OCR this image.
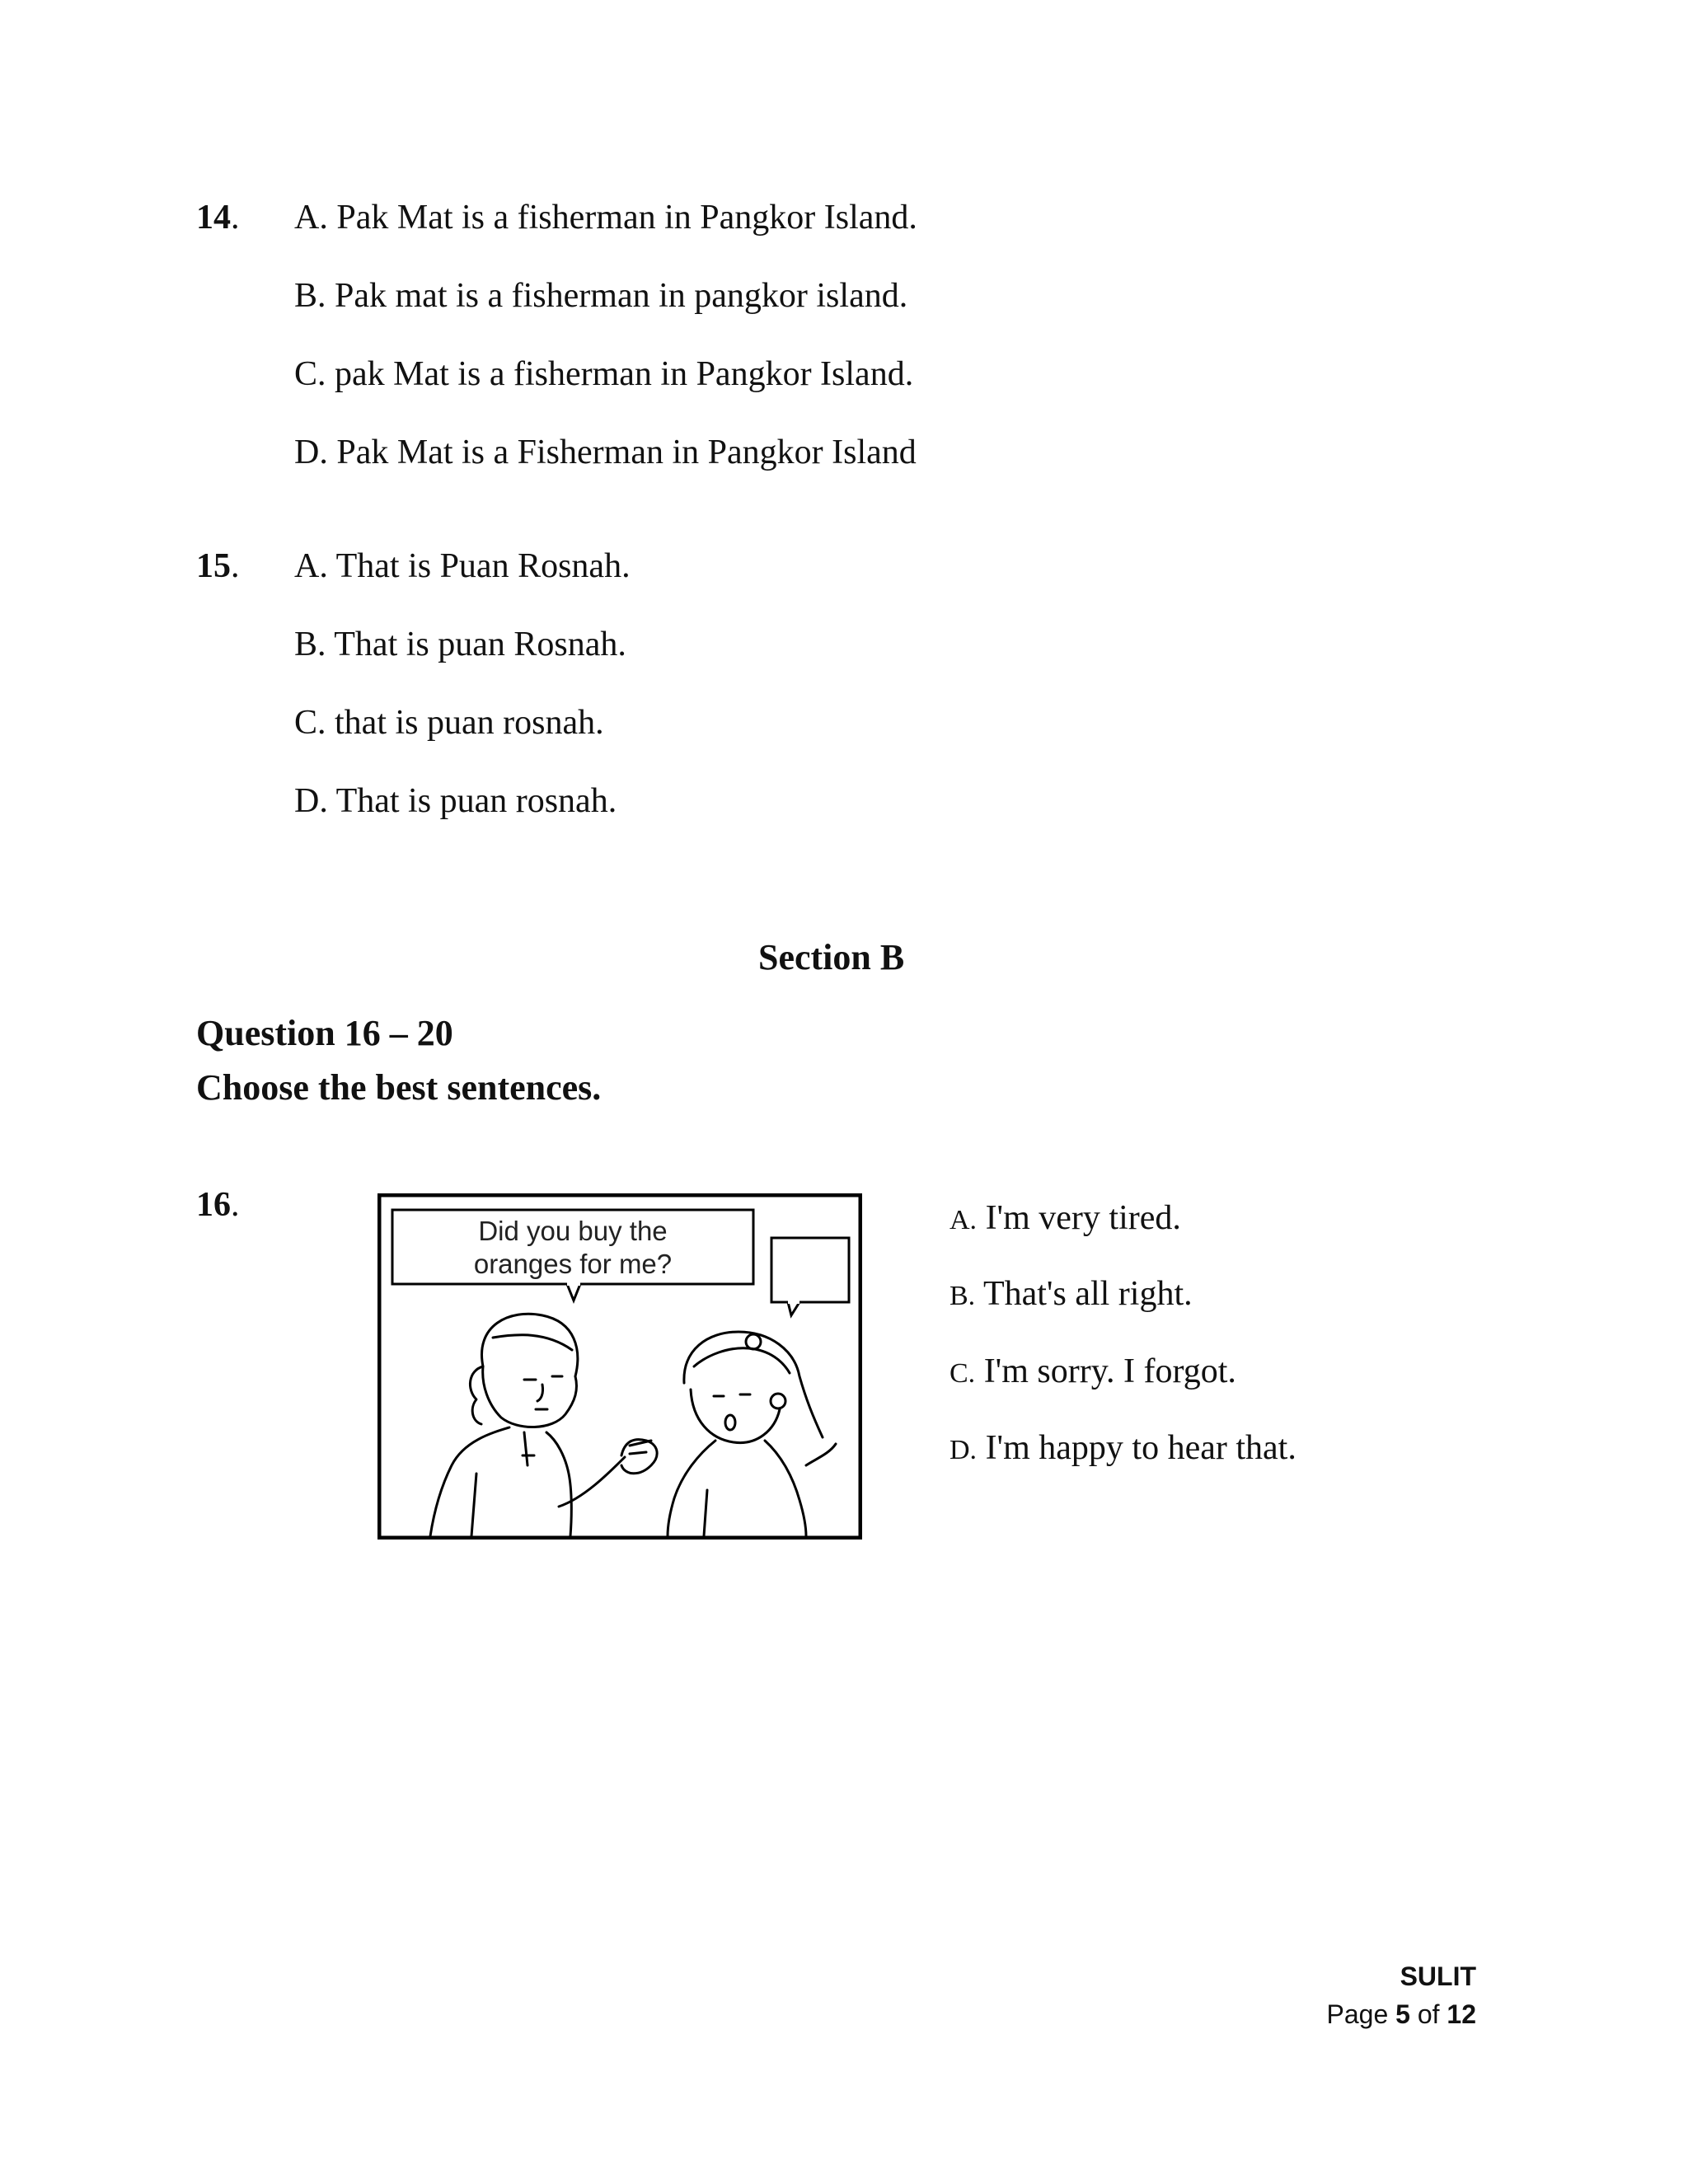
14. A. Pak Mat is a fisherman in Pangkor Island.
B. Pak mat is a fisherman in pangkor island.
C. pak Mat is a fisherman in Pangkor Island.
D. Pak Mat is a Fisherman in Pangkor Island
15. A. That is Puan Rosnah.
B. That is puan Rosnah.
C. that is puan rosnah.
D. That is puan rosnah.
Section B
Question 16 – 20
Choose the best sentences.
16.
Did you buy the
oranges for me?
A. I'm very tired.
B. That's all right.
C. I'm sorry. I forgot.
D. I'm happy to hear that.
SULIT
Page 5 of 12
